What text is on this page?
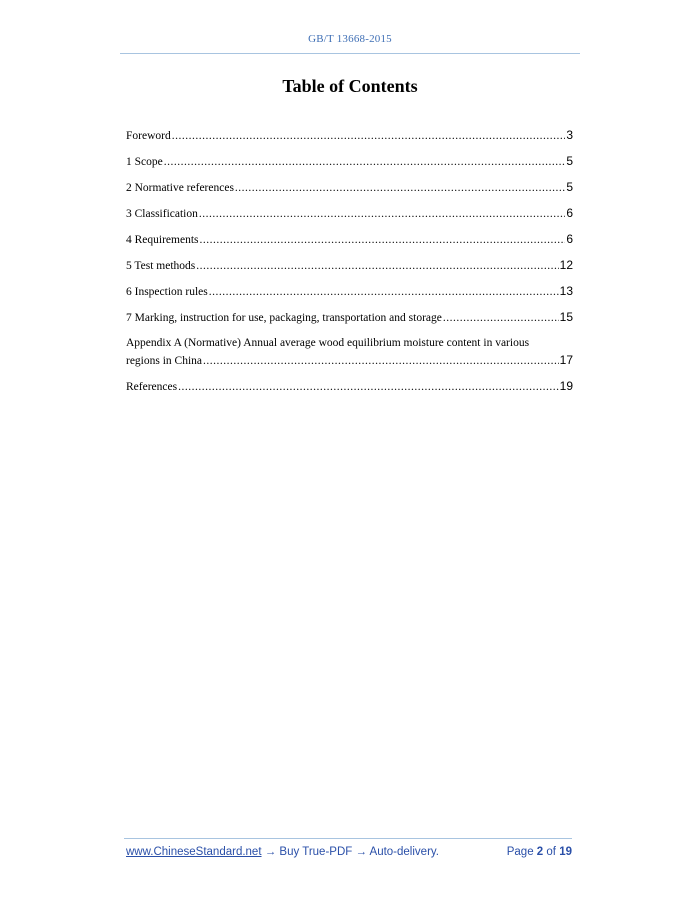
GB/T 13668-2015
Table of Contents
Foreword .....	3
1 Scope .....	5
2 Normative references .....	5
3 Classification .....	6
4 Requirements .....	6
5 Test methods .....	12
6 Inspection rules .....	13
7 Marking, instruction for use, packaging, transportation and storage .....	15
Appendix A (Normative) Annual average wood equilibrium moisture content in various
regions in China .....	17
References .....	19
www.ChineseStandard.net → Buy True-PDF → Auto-delivery.	Page 2 of 19
